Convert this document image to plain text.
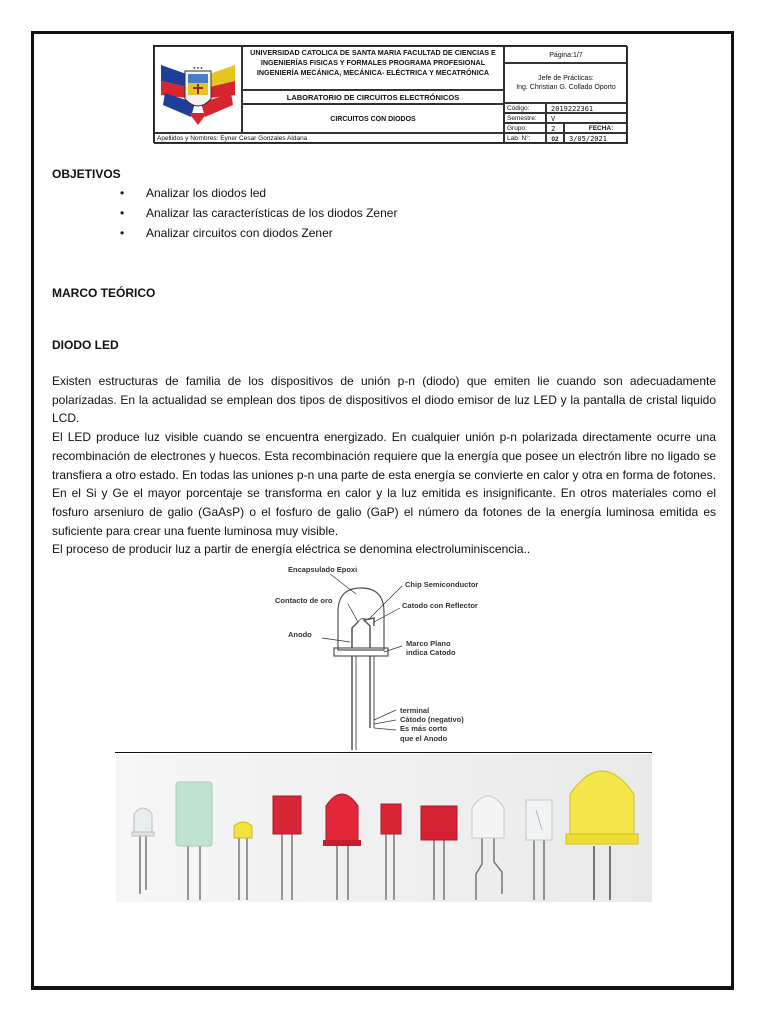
● ● ●
UNIVERSIDAD CATOLICA DE SANTA MARIA FACULTAD DE CIENCIAS E INGENIERÍAS FISICAS Y FORMALES PROGRAMA PROFESIONAL INGENIERÍA MECÁNICA, MECÁNICA- ELÉCTRICA Y MECATRÓNICA
Página:1/7
Jefe de Prácticas:
Ing. Christian G. Collado Oporto
LABORATORIO DE CIRCUITOS ELECTRÓNICOS
CIRCUITOS CON DIODOS
Código:	2019222361
Semestre:	V
Grupo:	2	FECHA:
Apellidos y Nombres: Eyner Cesar Gonzales Aldana	Lab. N°:	02	3/05/2021
OBJETIVOS
• Analizar los diodos led
• Analizar las características de los diodos Zener
• Analizar circuitos con diodos Zener
MARCO TEÓRICO
DIODO LED

Existen estructuras de familia de los dispositivos de unión p-n (diodo) que emiten lie cuando son adecuadamente polarizadas. En la actualidad se emplean dos tipos de dispositivos el diodo emisor de luz LED y la pantalla de cristal liquido LCD.

El LED produce luz visible cuando se encuentra energizado. En cualquier unión p-n polarizada directamente ocurre una recombinación de electrones y huecos. Esta recombinación requiere que la energía que posee un electrón libre no ligado se transfiera a otro estado. En todas las uniones p-n una parte de esta energía se convierte en calor y otra en forma de fotones. En el Si y Ge el mayor porcentaje se transforma en calor y la luz emitida es insignificante. En otros materiales como el fosfuro arseniuro de galio (GaAsP) o el fosfuro de galio (GaP) el número da fotones de la energía luminosa emitida es suficiente para crear una fuente luminosa muy visible.

El proceso de producir luz a partir de energía eléctrica se denomina electroluminiscencia..

Encapsulado Epoxi
Chip Semiconductor
Contacto de oro
Catodo con Reflector
Anodo
Marco Plano
indica Catodo
terminal
Cátodo (negativo)
Es más corto
que el Anodo
